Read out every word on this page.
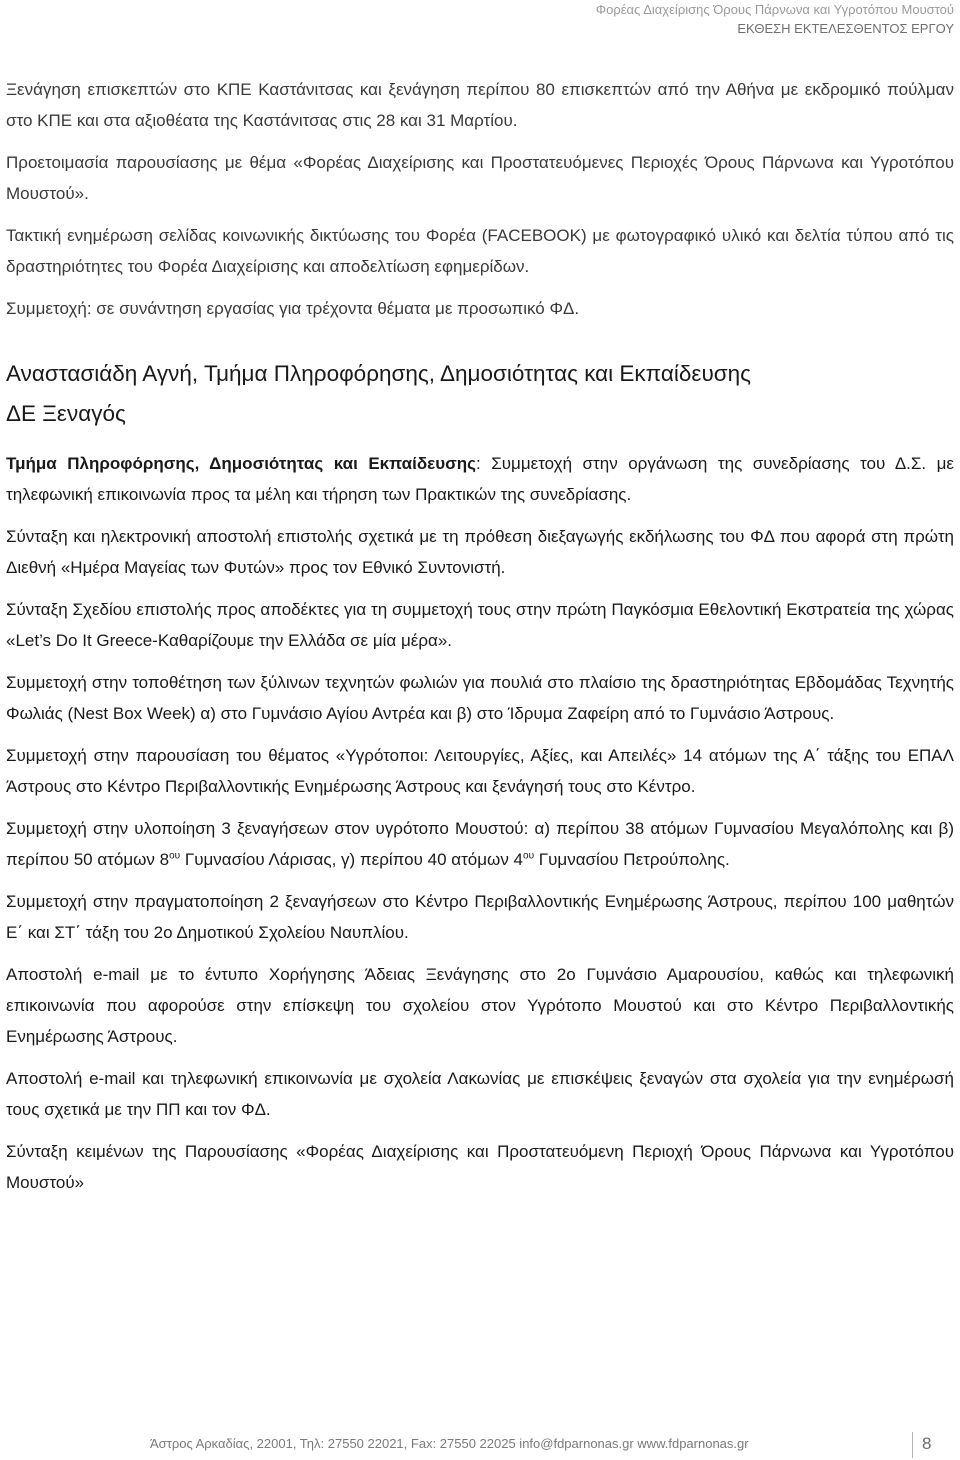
Φορέας Διαχείρισης Όρους Πάρνωνα και Υγροτόπου Μουστού
ΕΚΘΕΣΗ ΕΚΤΕΛΕΣΘΕΝΤΟΣ ΕΡΓΟΥ

Ξενάγηση επισκεπτών στο ΚΠΕ Καστάνιτσας και ξενάγηση περίπου 80 επισκεπτών από την Αθήνα με εκδρομικό πούλμαν στο ΚΠΕ και στα αξιοθέατα της Καστάνιτσας στις 28 και 31 Μαρτίου.

Προετοιμασία παρουσίασης με θέμα «Φορέας Διαχείρισης και Προστατευόμενες Περιοχές Όρους Πάρνωνα και Υγροτόπου Μουστού».

Τακτική ενημέρωση σελίδας κοινωνικής δικτύωσης του Φορέα (FACEBOOK) με φωτογραφικό υλικό και δελτία τύπου από τις δραστηριότητες του Φορέα Διαχείρισης και αποδελτίωση εφημερίδων.

Συμμετοχή: σε συνάντηση εργασίας για τρέχοντα θέματα με προσωπικό ΦΔ.

Αναστασιάδη Αγνή, Τμήμα Πληροφόρησης, Δημοσιότητας και Εκπαίδευσης
ΔΕ Ξεναγός

Τμήμα Πληροφόρησης, Δημοσιότητας και Εκπαίδευσης: Συμμετοχή στην οργάνωση της συνεδρίασης του Δ.Σ. με τηλεφωνική επικοινωνία προς τα μέλη και τήρηση των Πρακτικών της συνεδρίασης.

Σύνταξη και ηλεκτρονική αποστολή επιστολής σχετικά με τη πρόθεση διεξαγωγής εκδήλωσης του ΦΔ που αφορά στη πρώτη Διεθνή «Ημέρα Μαγείας των Φυτών» προς τον Εθνικό Συντονιστή.

Σύνταξη Σχεδίου επιστολής προς αποδέκτες για τη συμμετοχή τους στην πρώτη Παγκόσμια Εθελοντική Εκστρατεία της χώρας «Let’s Do It Greece-Καθαρίζουμε την Ελλάδα σε μία μέρα».

Συμμετοχή στην τοποθέτηση των ξύλινων τεχνητών φωλιών για πουλιά στο πλαίσιο της δραστηριότητας Εβδομάδας Τεχνητής Φωλιάς (Nest Box Week) α) στο Γυμνάσιο Αγίου Αντρέα και β) στο Ίδρυμα Ζαφείρη από το Γυμνάσιο Άστρους.

Συμμετοχή στην παρουσίαση του θέματος «Υγρότοποι: Λειτουργίες, Αξίες, και Απειλές» 14 ατόμων της Α΄ τάξης του ΕΠΑΛ Άστρους στο Κέντρο Περιβαλλοντικής Ενημέρωσης Άστρους και ξενάγησή τους στο Κέντρο.

Συμμετοχή στην υλοποίηση 3 ξεναγήσεων στον υγρότοπο Μουστού: α) περίπου 38 ατόμων Γυμνασίου Μεγαλόπολης και β) περίπου 50 ατόμων $8^{o\upsilon}$ Γυμνασίου Λάρισας, γ) περίπου 40 ατόμων $4^{o\upsilon}$ Γυμνασίου Πετρούπολης.

Συμμετοχή στην πραγματοποίηση 2 ξεναγήσεων στο Κέντρο Περιβαλλοντικής Ενημέρωσης Άστρους, περίπου 100 μαθητών Ε΄ και ΣΤ΄ τάξη του 2ο Δημοτικού Σχολείου Ναυπλίου.

Αποστολή e-mail με το έντυπο Χορήγησης Άδειας Ξενάγησης στο 2ο Γυμνάσιο Αμαρουσίου, καθώς και τηλεφωνική επικοινωνία που αφορούσε στην επίσκεψη του σχολείου στον Υγρότοπο Μουστού και στο Κέντρο Περιβαλλοντικής Ενημέρωσης Άστρους.

Αποστολή e-mail και τηλεφωνική επικοινωνία με σχολεία Λακωνίας με επισκέψεις ξεναγών στα σχολεία για την ενημέρωσή τους σχετικά με την ΠΠ και τον ΦΔ.

Σύνταξη κειμένων της Παρουσίασης «Φορέας Διαχείρισης και Προστατευόμενη Περιοχή Όρους Πάρνωνα και Υγροτόπου Μουστού»

Άστρος Αρκαδίας, 22001, Τηλ: 27550 22021, Fax: 27550 22025 info@fdparnonas.gr www.fdparnonas.gr	8
